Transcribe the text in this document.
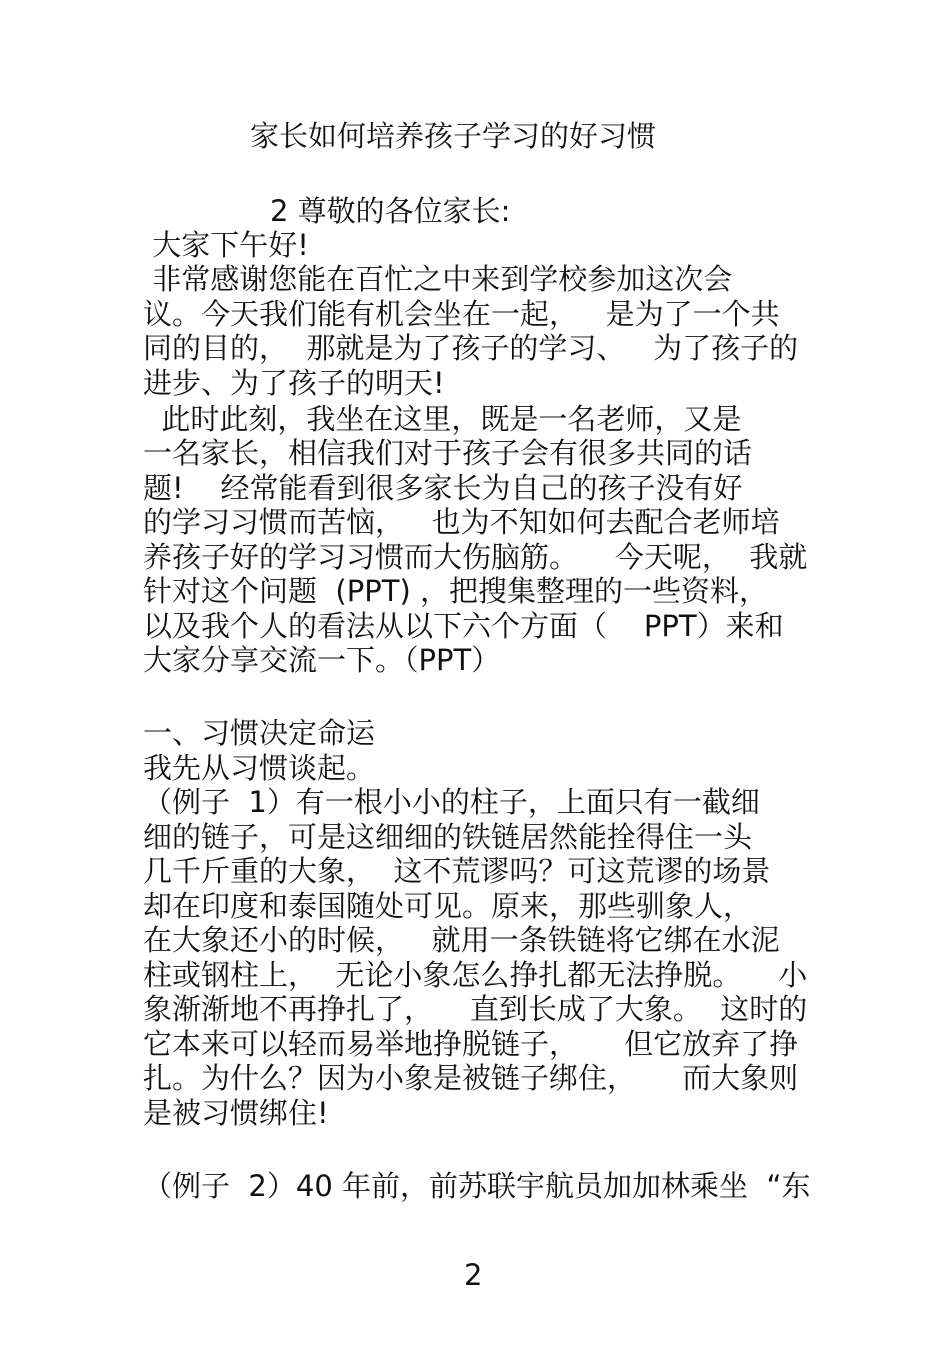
家长如何培养孩子学习的好习惯
2 尊敬的各位家长:
大家下午好!
非常感谢您能在百忙之中来到学校参加这次会
议。今天我们能有机会坐在一起，   是为了一个共
同的目的，  那就是为了孩子的学习、   为了孩子的
进步、为了孩子的明天!
此时此刻，我坐在这里，既是一名老师，又是
一名家长，相信我们对于孩子会有很多共同的话
题!    经常能看到很多家长为自己的孩子没有好
的学习习惯而苦恼，   也为不知如何去配合老师培
养孩子好的学习习惯而大伤脑筋。    今天呢，  我就
针对这个问题  (PPT) ，把搜集整理的一些资料，
以及我个人的看法从以下六个方面（    PPT）来和
大家分享交流一下。（PPT）
一、习惯决定命运
我先从习惯谈起。
（例子  1）有一根小小的柱子，上面只有一截细
细的链子，可是这细细的铁链居然能拴得住一头
几千斤重的大象，  这不荒谬吗？可这荒谬的场景
却在印度和泰国随处可见。原来，那些驯象人，
在大象还小的时候，   就用一条铁链将它绑在水泥
柱或钢柱上，  无论小象怎么挣扎都无法挣脱。    小
象渐渐地不再挣扎了，    直到长成了大象。  这时的
它本来可以轻而易举地挣脱链子，     但它放弃了挣
扎。为什么？因为小象是被链子绑住，     而大象则
是被习惯绑住!
（例子  2）40 年前，前苏联宇航员加加林乘坐  “东
2
